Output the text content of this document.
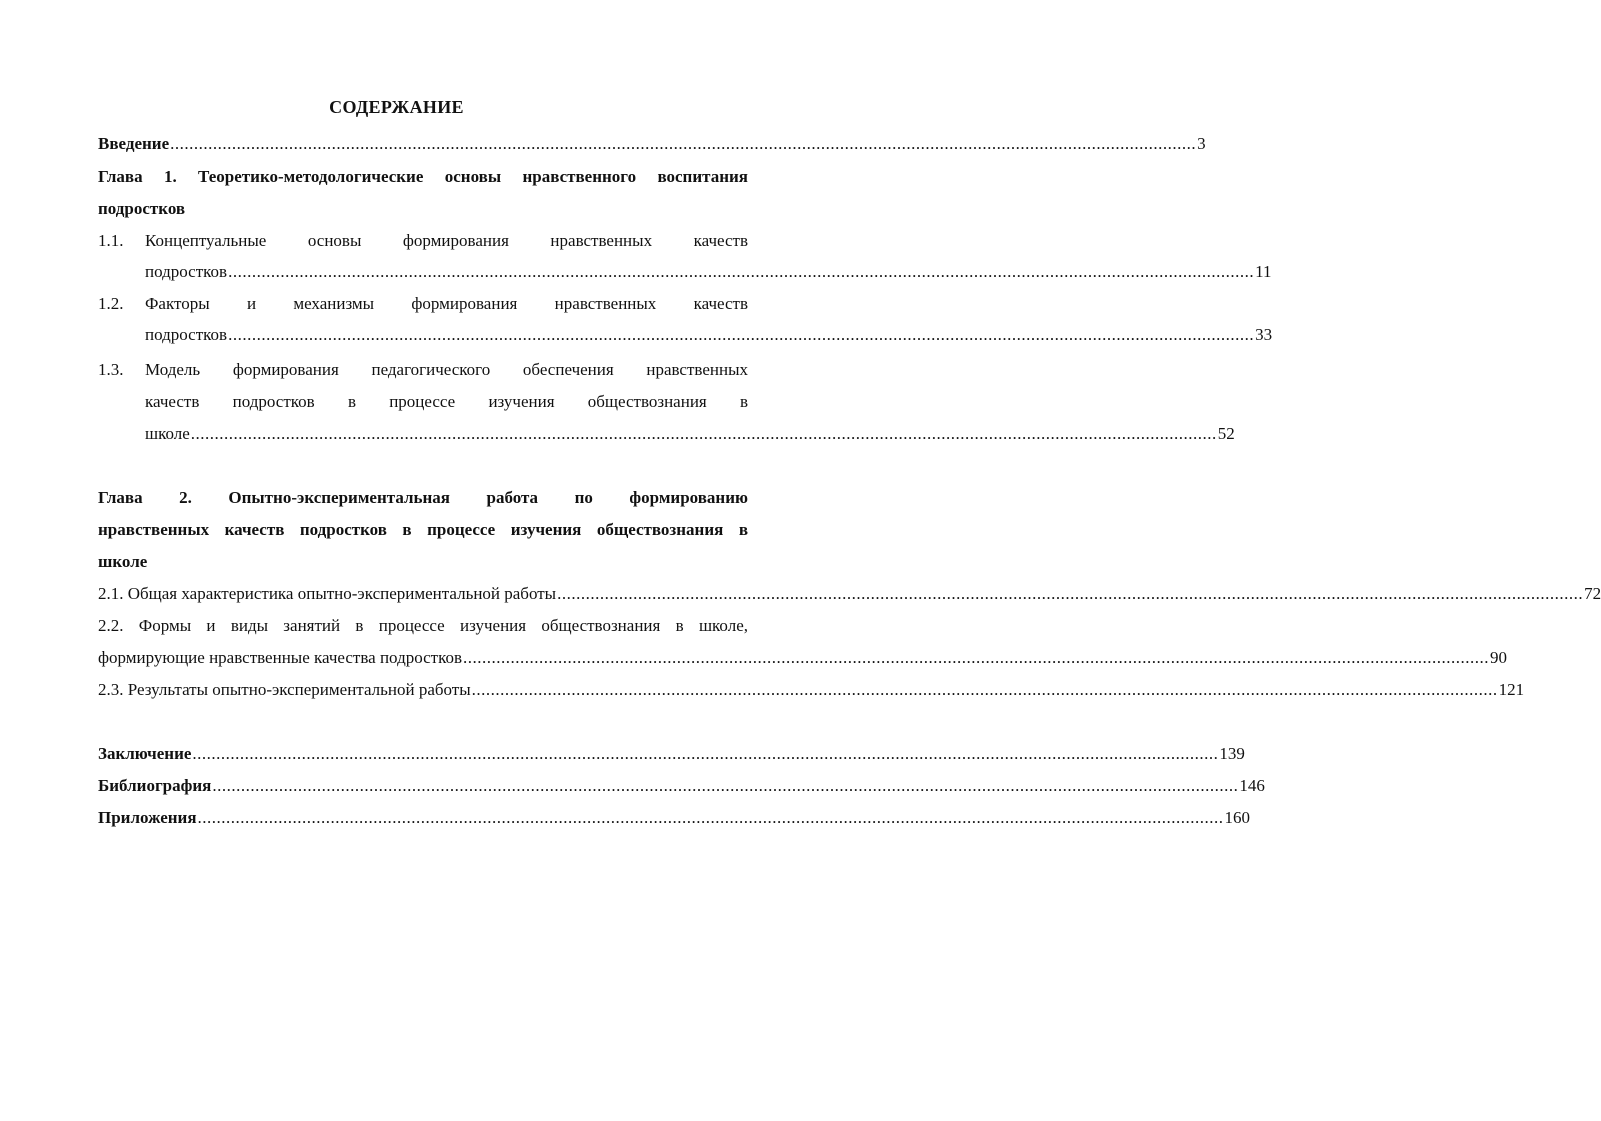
СОДЕРЖАНИЕ
Введение ........................................................................................................................................................................................................................ 3
Глава 1. Теоретико-методологические основы нравственного воспитания
подростков
1.1. Концептуальные основы формирования нравственных качеств
подростков ........................................................................................................................................................................................................................ 11
1.2. Факторы и механизмы формирования нравственных качеств
подростков ........................................................................................................................................................................................................................ 33
1.3. Модель формирования педагогического обеспечения нравственных
качеств подростков в процессе изучения обществознания в
школе ........................................................................................................................................................................................................................ 52
Глава 2. Опытно-экспериментальная работа по формированию
нравственных качеств подростков в процессе изучения обществознания в
школе
2.1. Общая характеристика опытно-экспериментальной работы ........................................................................................................................................................................................................................ 72
2.2. Формы и виды занятий в процессе изучения обществознания в школе,
формирующие нравственные качества подростков ........................................................................................................................................................................................................................ 90
2.3. Результаты опытно-экспериментальной работы ........................................................................................................................................................................................................................ 121
Заключение ........................................................................................................................................................................................................................ 139
Библиография ........................................................................................................................................................................................................................ 146
Приложения ........................................................................................................................................................................................................................ 160
